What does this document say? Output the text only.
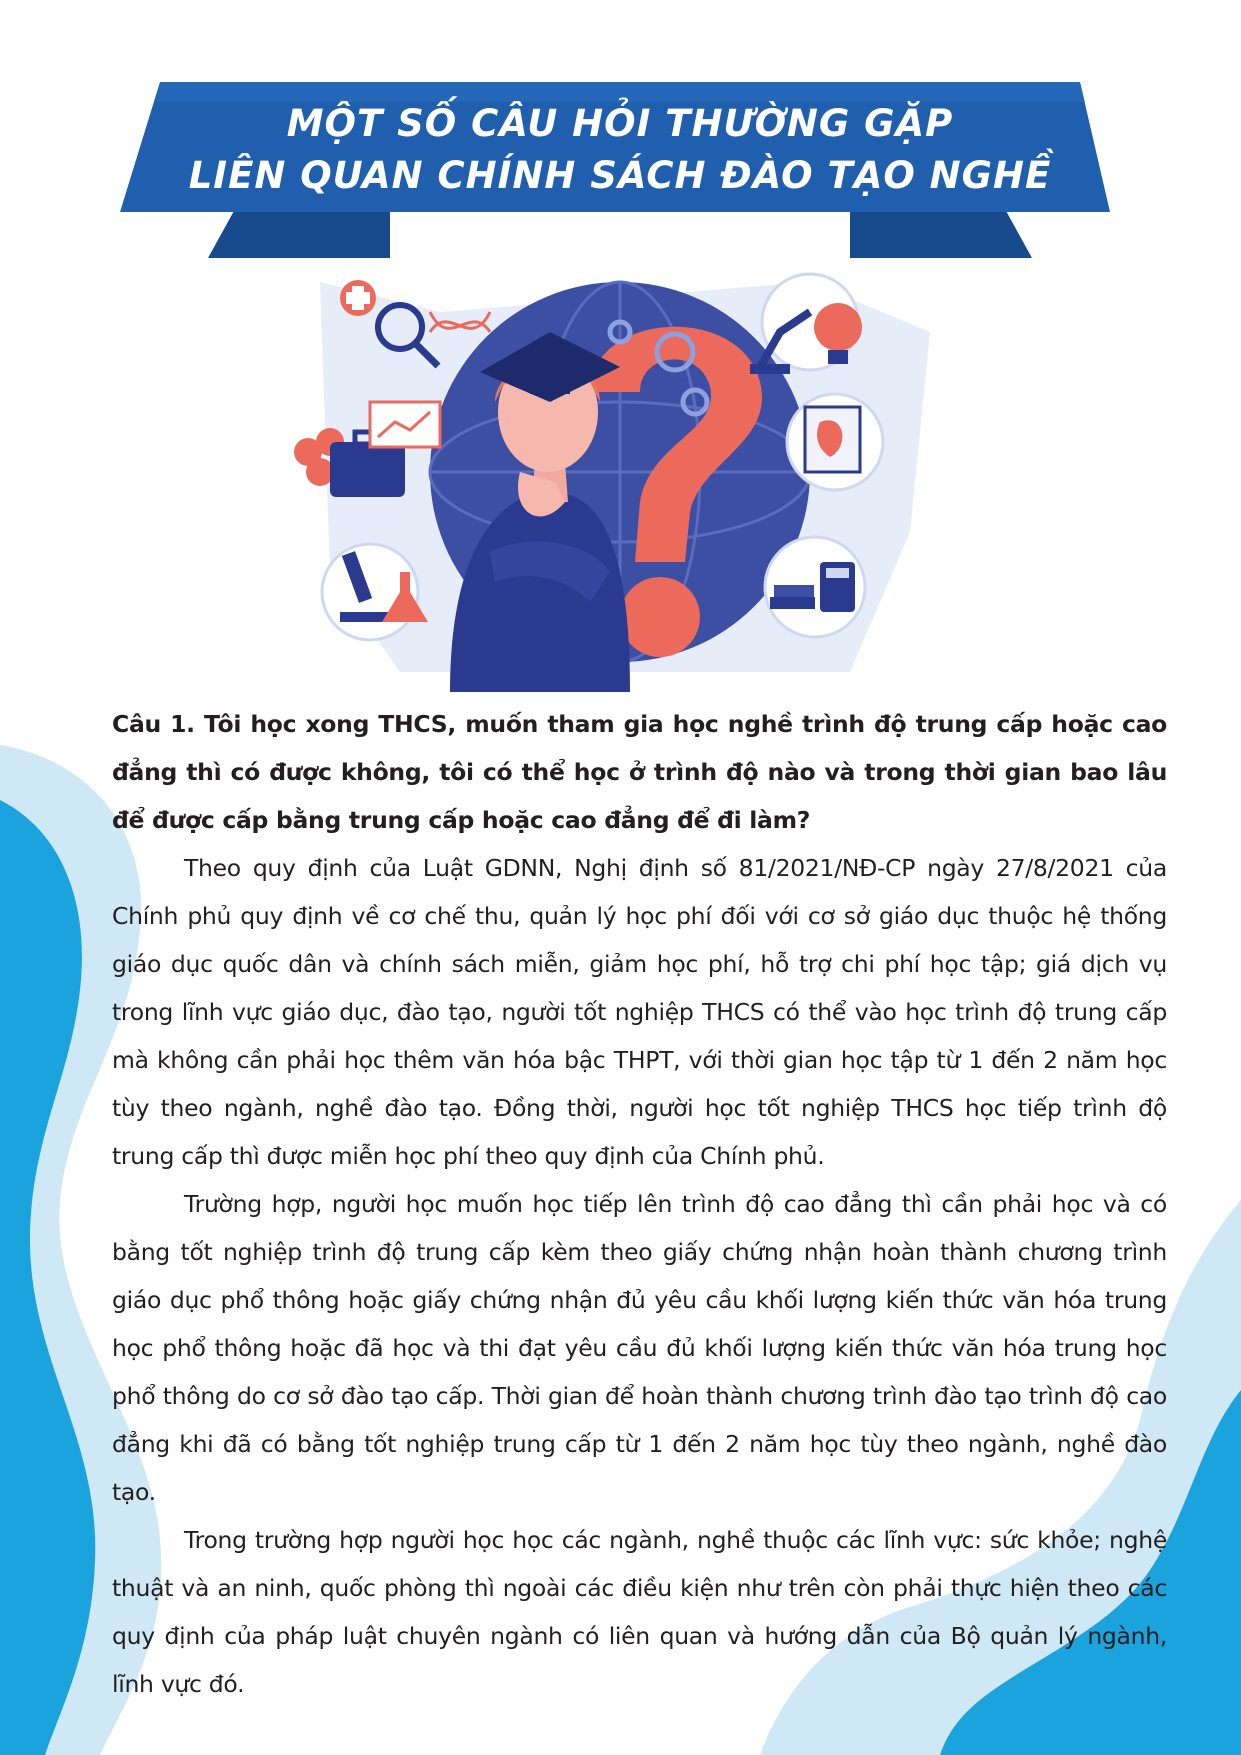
MỘT SỐ CÂU HỎI THƯỜNG GẶP
LIÊN QUAN CHÍNH SÁCH ĐÀO TẠO NGHỀ

Câu 1. Tôi học xong THCS, muốn tham gia học nghề trình độ trung cấp hoặc cao đẳng thì có được không, tôi có thể học ở trình độ nào và trong thời gian bao lâu để được cấp bằng trung cấp hoặc cao đẳng để đi làm?

Theo quy định của Luật GDNN, Nghị định số 81/2021/NĐ-CP ngày 27/8/2021 của Chính phủ quy định về cơ chế thu, quản lý học phí đối với cơ sở giáo dục thuộc hệ thống giáo dục quốc dân và chính sách miễn, giảm học phí, hỗ trợ chi phí học tập; giá dịch vụ trong lĩnh vực giáo dục, đào tạo, người tốt nghiệp THCS có thể vào học trình độ trung cấp mà không cần phải học thêm văn hóa bậc THPT, với thời gian học tập từ 1 đến 2 năm học tùy theo ngành, nghề đào tạo. Đồng thời, người học tốt nghiệp THCS học tiếp trình độ trung cấp thì được miễn học phí theo quy định của Chính phủ.

Trường hợp, người học muốn học tiếp lên trình độ cao đẳng thì cần phải học và có bằng tốt nghiệp trình độ trung cấp kèm theo giấy chứng nhận hoàn thành chương trình giáo dục phổ thông hoặc giấy chứng nhận đủ yêu cầu khối lượng kiến thức văn hóa trung học phổ thông hoặc đã học và thi đạt yêu cầu đủ khối lượng kiến thức văn hóa trung học phổ thông do cơ sở đào tạo cấp. Thời gian để hoàn thành chương trình đào tạo trình độ cao đẳng khi đã có bằng tốt nghiệp trung cấp từ 1 đến 2 năm học tùy theo ngành, nghề đào tạo.

Trong trường hợp người học học các ngành, nghề thuộc các lĩnh vực: sức khỏe; nghệ thuật và an ninh, quốc phòng thì ngoài các điều kiện như trên còn phải thực hiện theo các quy định của pháp luật chuyên ngành có liên quan và hướng dẫn của Bộ quản lý ngành, lĩnh vực đó.
